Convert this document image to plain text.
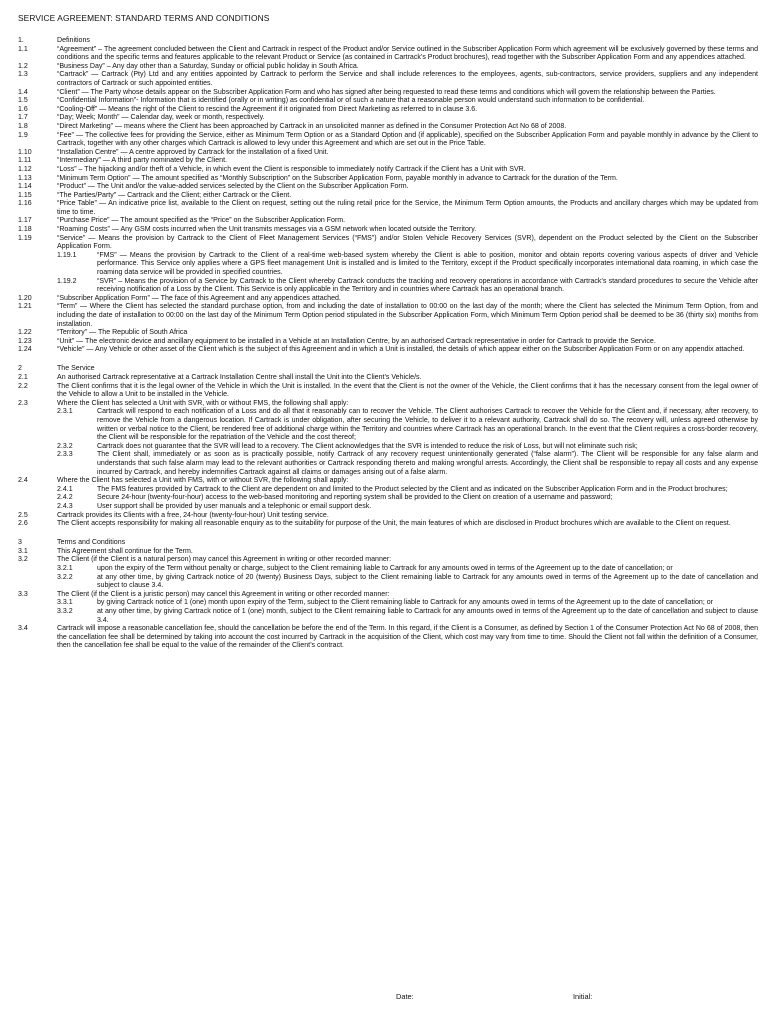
SERVICE AGREEMENT: STANDARD TERMS AND CONDITIONS
1.	Definitions
1.1	“Agreement” – The agreement concluded between the Client and Cartrack in respect of the Product and/or Service outlined in the Subscriber Application Form which agreement will be exclusively governed by these terms and conditions and the specific terms and features applicable to the relevant Product or Service (as contained in Cartrack’s Product brochures), read together with the Subscriber Application Form and any appendices attached.
1.2	“Business Day” – Any day other than a Saturday, Sunday or official public holiday in South Africa.
1.3	“Cartrack” — Cartrack (Pty) Ltd and any entities appointed by Cartrack to perform the Service and shall include references to the employees, agents, sub-contractors, service providers, suppliers and any independent contractors of Cartrack or such appointed entities.
1.4	“Client” — The Party whose details appear on the Subscriber Application Form and who has signed after being requested to read these terms and conditions which will govern the relationship between the Parties.
1.5	“Confidential Information”- Information that is identified (orally or in writing) as confidential or of such a nature that a reasonable person would understand such information to be confidential.
1.6	“Cooling-Off” — Means the right of the Client to rescind the Agreement if it originated from Direct Marketing as referred to in clause 3.6.
1.7	“Day; Week; Month” — Calendar day, week or month, respectively.
1.8	“Direct Marketing” — means where the Client has been approached by Cartrack in an unsolicited manner as defined in the Consumer Protection Act No 68 of 2008.
1.9	“Fee” — The collective fees for providing the Service, either as Minimum Term Option or as a Standard Option and (if applicable), specified on the Subscriber Application Form and payable monthly in advance by the Client to Cartrack, together with any other charges which Cartrack is allowed to levy under this Agreement and which are set out in the Price Table.
1.10	“Installation Centre” — A centre approved by Cartrack for the installation of a fixed Unit.
1.11	“Intermediary” — A third party nominated by the Client.
1.12	“Loss” – The hijacking and/or theft of a Vehicle, in which event the Client is responsible to immediately notify Cartrack if the Client has a Unit with SVR.
1.13	“Minimum Term Option” — The amount specified as “Monthly Subscription” on the Subscriber Application Form, payable monthly in advance to Cartrack for the duration of the Term.
1.14	“Product” — The Unit and/or the value-added services selected by the Client on the Subscriber Application Form.
1.15	“The Parties/Party” — Cartrack and the Client; either Cartrack or the Client.
1.16	“Price Table” — An indicative price list, available to the Client on request, setting out the ruling retail price for the Service, the Minimum Term Option amounts, the Products and ancillary charges which may be updated from time to time.
1.17	“Purchase Price” — The amount specified as the “Price” on the Subscriber Application Form.
1.18	“Roaming Costs” — Any GSM costs incurred when the Unit transmits messages via a GSM network when located outside the Territory.
1.19	“Service” — Means the provision by Cartrack to the Client of Fleet Management Services (“FMS”) and/or Stolen Vehicle Recovery Services (SVR), dependent on the Product selected by the Client on the Subscriber Application Form.
1.19.1	“FMS” — Means the provision by Cartrack to the Client of a real-time web-based system whereby the Client is able to position, monitor and obtain reports covering various aspects of driver and Vehicle performance. This Service only applies where a GPS fleet management Unit is installed and is limited to the Territory, except if the Product specifically incorporates international data roaming, in which case the roaming data service will be provided in specified countries.
1.19.2	“SVR” – Means the provision of a Service by Cartrack to the Client whereby Cartrack conducts the tracking and recovery operations in accordance with Cartrack’s standard procedures to secure the Vehicle after receiving notification of a Loss by the Client. This Service is only applicable in the Territory and in countries where Cartrack has an operational branch.
1.20	“Subscriber Application Form” — The face of this Agreement and any appendices attached.
1.21	“Term” — Where the Client has selected the standard purchase option, from and including the date of installation to 00:00 on the last day of the month; where the Client has selected the Minimum Term Option, from and including the date of installation to 00:00 on the last day of the Minimum Term Option period stipulated in the Subscriber Application Form, which Minimum Term Option period shall be deemed to be 36 (thirty six) months from installation.
1.22	“Territory” — The Republic of South Africa
1.23	“Unit” — The electronic device and ancillary equipment to be installed in a Vehicle at an Installation Centre, by an authorised Cartrack representative in order for Cartrack to provide the Service.
1.24	“Vehicle” — Any Vehicle or other asset of the Client which is the subject of this Agreement and in which a Unit is installed, the details of which appear either on the Subscriber Application Form or on any appendix attached.
2	The Service
2.1	An authorised Cartrack representative at a Cartrack Installation Centre shall install the Unit into the Client’s Vehicle/s.
2.2	The Client confirms that it is the legal owner of the Vehicle in which the Unit is installed. In the event that the Client is not the owner of the Vehicle, the Client confirms that it has the necessary consent from the legal owner of the Vehicle to allow a Unit to be installed in the Vehicle.
2.3	Where the Client has selected a Unit with SVR, with or without FMS, the following shall apply:
2.3.1	Cartrack will respond to each notification of a Loss and do all that it reasonably can to recover the Vehicle. The Client authorises Cartrack to recover the Vehicle for the Client and, if necessary, after recovery, to remove the Vehicle from a dangerous location. If Cartrack is under obligation, after securing the Vehicle, to deliver it to a relevant authority, Cartrack shall do so. The recovery will, unless agreed otherwise by written or verbal notice to the Client, be rendered free of additional charge within the Territory and countries where Cartrack has an operational branch. In the event that the Client requires a cross-border recovery, the Client will be responsible for the repatriation of the Vehicle and the cost thereof;
2.3.2	Cartrack does not guarantee that the SVR will lead to a recovery. The Client acknowledges that the SVR is intended to reduce the risk of Loss, but will not eliminate such risk;
2.3.3	The Client shall, immediately or as soon as is practically possible, notify Cartrack of any recovery request unintentionally generated (“false alarm”). The Client will be responsible for any false alarm and understands that such false alarm may lead to the relevant authorities or Cartrack responding thereto and making wrongful arrests. Accordingly, the Client shall be responsible to repay all costs and any expense incurred by Cartrack, and hereby indemnifies Cartrack against all claims or damages arising out of a false alarm.
2.4	Where the Client has selected a Unit with FMS, with or without SVR, the following shall apply:
2.4.1	The FMS features provided by Cartrack to the Client are dependent on and limited to the Product selected by the Client and as indicated on the Subscriber Application Form and in the Product brochures;
2.4.2	Secure 24-hour (twenty-four-hour) access to the web-based monitoring and reporting system shall be provided to the Client on creation of a username and password;
2.4.3	User support shall be provided by user manuals and a telephonic or email support desk.
2.5	Cartrack provides its Clients with a free, 24-hour (twenty-four-hour) Unit testing service.
2.6	The Client accepts responsibility for making all reasonable enquiry as to the suitability for purpose of the Unit, the main features of which are disclosed in Product brochures which are available to the Client on request.
3	Terms and Conditions
3.1	This Agreement shall continue for the Term.
3.2	The Client (if the Client is a natural person) may cancel this Agreement in writing or other recorded manner:
3.2.1	upon the expiry of the Term without penalty or charge, subject to the Client remaining liable to Cartrack for any amounts owed in terms of the Agreement up to the date of cancellation; or
3.2.2	at any other time, by giving Cartrack notice of 20 (twenty) Business Days, subject to the Client remaining liable to Cartrack for any amounts owed in terms of the Agreement up to the date of cancellation and subject to clause 3.4.
3.3	The Client (if the Client is a juristic person) may cancel this Agreement in writing or other recorded manner:
3.3.1	by giving Cartrack notice of 1 (one) month upon expiry of the Term, subject to the Client remaining liable to Cartrack for any amounts owed in terms of the Agreement up to the date of cancellation; or
3.3.2	at any other time, by giving Cartrack notice of 1 (one) month, subject to the Client remaining liable to Cartrack for any amounts owed in terms of the Agreement up to the date of cancellation and subject to clause 3.4.
3.4	Cartrack will impose a reasonable cancellation fee, should the cancellation be before the end of the Term. In this regard, if the Client is a Consumer, as defined by Section 1 of the Consumer Protection Act No 68 of 2008, then the cancellation fee shall be determined by taking into account the cost incurred by Cartrack in the acquisition of the Client, which cost may vary from time to time. Should the Client not fall within the definition of a Consumer, then the cancellation fee shall be equal to the value of the remainder of the Client’s contract.
Date:	Initial:
